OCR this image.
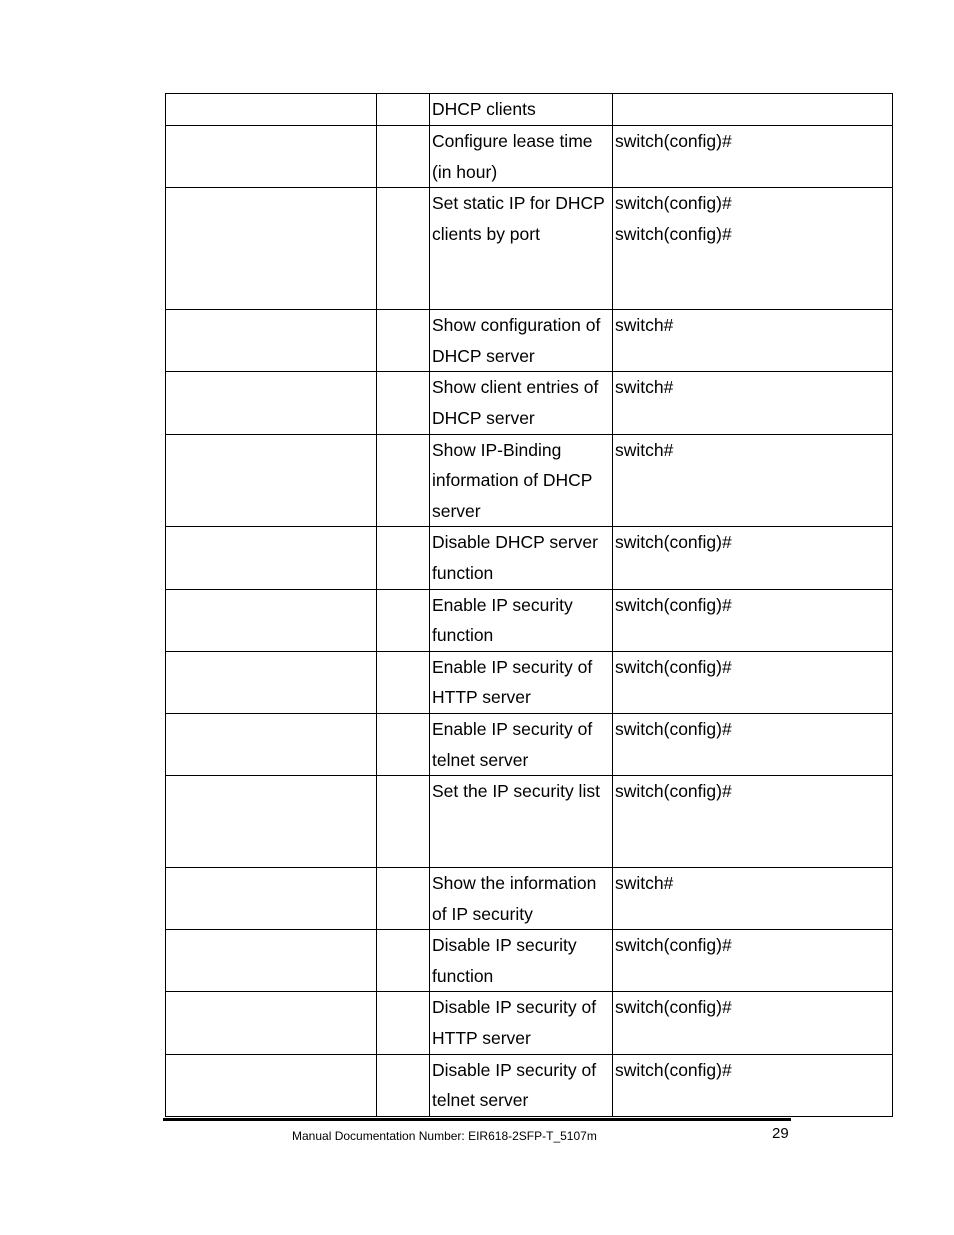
		DHCP clients	
		Configure lease time (in hour)	switch(config)#

		Set static IP for DHCP clients by port	switch(config)#
switch(config)#

		Show configuration of DHCP server	switch#

		Show client entries of DHCP server	switch#

		Show IP-Binding information of DHCP server	switch#

		Disable DHCP server function	switch(config)#

		Enable IP security function	switch(config)#

		Enable IP security of HTTP server	switch(config)#

		Enable IP security of telnet server	switch(config)#

		Set the IP security list	switch(config)#

		Show the information of IP security	switch#

		Disable IP security function	switch(config)#

		Disable IP security of HTTP server	switch(config)#

		Disable IP security of telnet server	switch(config)#
Manual Documentation Number: EIR618-2SFP-T_5107m	29
